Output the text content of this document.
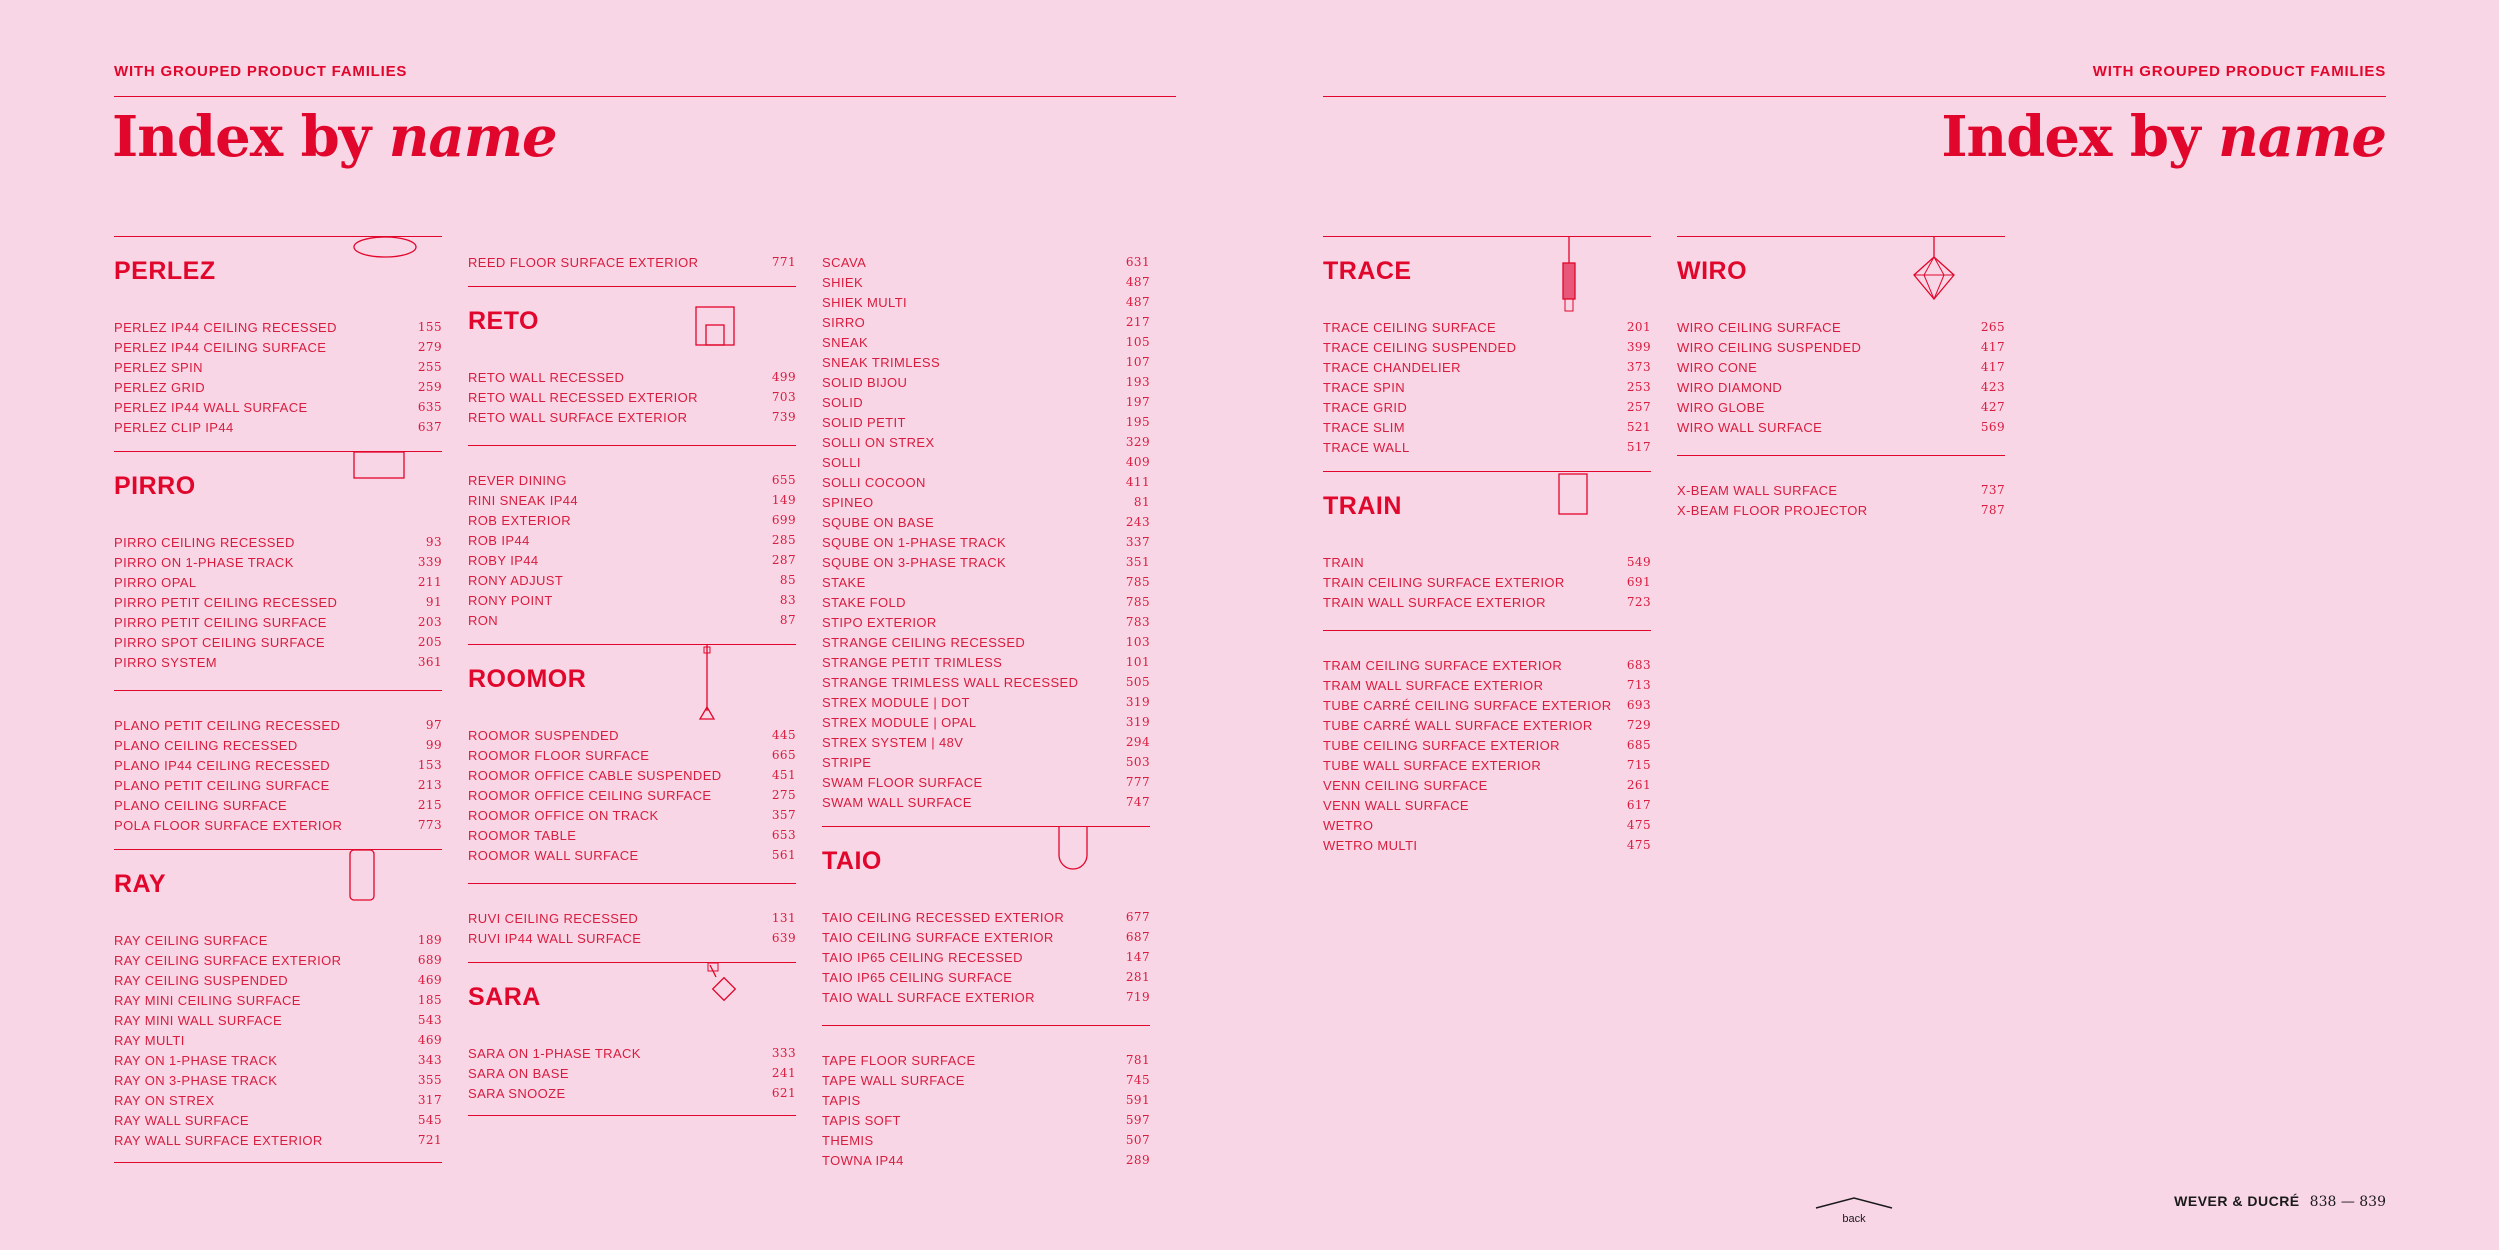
WITH GROUPED PRODUCT FAMILIES
Index by name
WITH GROUPED PRODUCT FAMILIES
Index by name
PERLEZ
PERLEZ IP44 CEILING RECESSED	155
PERLEZ IP44 CEILING SURFACE	279
PERLEZ SPIN	255
PERLEZ GRID	259
PERLEZ IP44 WALL SURFACE	635
PERLEZ CLIP IP44	637
PIRRO
PIRRO CEILING RECESSED	93
PIRRO ON 1-PHASE TRACK	339
PIRRO OPAL	211
PIRRO PETIT CEILING RECESSED	91
PIRRO PETIT CEILING SURFACE	203
PIRRO SPOT CEILING SURFACE	205
PIRRO SYSTEM	361
PLANO PETIT CEILING RECESSED	97
PLANO CEILING RECESSED	99
PLANO IP44 CEILING RECESSED	153
PLANO PETIT CEILING SURFACE	213
PLANO CEILING SURFACE	215
POLA FLOOR SURFACE EXTERIOR	773
RAY
RAY CEILING SURFACE	189
RAY CEILING SURFACE EXTERIOR	689
RAY CEILING SUSPENDED	469
RAY MINI CEILING SURFACE	185
RAY MINI WALL SURFACE	543
RAY MULTI	469
RAY ON 1-PHASE TRACK	343
RAY ON 3-PHASE TRACK	355
RAY ON STREX	317
RAY WALL SURFACE	545
RAY WALL SURFACE EXTERIOR	721
REED FLOOR SURFACE EXTERIOR	771
RETO
RETO WALL RECESSED	499
RETO WALL RECESSED EXTERIOR	703
RETO WALL SURFACE EXTERIOR	739
REVER DINING	655
RINI SNEAK IP44	149
ROB EXTERIOR	699
ROB IP44	285
ROBY IP44	287
RONY ADJUST	85
RONY POINT	83
RON	87
ROOMOR
ROOMOR SUSPENDED	445
ROOMOR FLOOR SURFACE	665
ROOMOR OFFICE CABLE SUSPENDED	451
ROOMOR OFFICE CEILING SURFACE	275
ROOMOR OFFICE ON TRACK	357
ROOMOR TABLE	653
ROOMOR WALL SURFACE	561
RUVI CEILING RECESSED	131
RUVI IP44 WALL SURFACE	639
SARA
SARA ON 1-PHASE TRACK	333
SARA ON BASE	241
SARA SNOOZE	621
SCAVA	631
SHIEK	487
SHIEK MULTI	487
SIRRO	217
SNEAK	105
SNEAK TRIMLESS	107
SOLID BIJOU	193
SOLID	197
SOLID PETIT	195
SOLLI ON STREX	329
SOLLI	409
SOLLI COCOON	411
SPINEO	81
SQUBE ON BASE	243
SQUBE ON 1-PHASE TRACK	337
SQUBE ON 3-PHASE TRACK	351
STAKE	785
STAKE FOLD	785
STIPO EXTERIOR	783
STRANGE CEILING RECESSED	103
STRANGE PETIT TRIMLESS	101
STRANGE TRIMLESS WALL RECESSED	505
STREX MODULE | DOT	319
STREX MODULE | OPAL	319
STREX SYSTEM | 48V	294
STRIPE	503
SWAM FLOOR SURFACE	777
SWAM WALL SURFACE	747
TAIO
TAIO CEILING RECESSED EXTERIOR	677
TAIO CEILING SURFACE EXTERIOR	687
TAIO IP65 CEILING RECESSED	147
TAIO IP65 CEILING SURFACE	281
TAIO WALL SURFACE EXTERIOR	719
TAPE FLOOR SURFACE	781
TAPE WALL SURFACE	745
TAPIS	591
TAPIS SOFT	597
THEMIS	507
TOWNA IP44	289
TRACE
TRACE CEILING SURFACE	201
TRACE CEILING SUSPENDED	399
TRACE CHANDELIER	373
TRACE SPIN	253
TRACE GRID	257
TRACE SLIM	521
TRACE WALL	517
TRAIN
TRAIN	549
TRAIN CEILING SURFACE EXTERIOR	691
TRAIN WALL SURFACE EXTERIOR	723
TRAM CEILING SURFACE EXTERIOR	683
TRAM WALL SURFACE EXTERIOR	713
TUBE CARRÉ CEILING SURFACE EXTERIOR 693
TUBE CARRÉ WALL SURFACE EXTERIOR	729
TUBE CEILING SURFACE EXTERIOR	685
TUBE WALL SURFACE EXTERIOR	715
VENN CEILING SURFACE	261
VENN WALL SURFACE	617
WETRO	475
WETRO MULTI	475
WIRO
WIRO CEILING SURFACE	265
WIRO CEILING SUSPENDED	417
WIRO CONE	417
WIRO DIAMOND	423
WIRO GLOBE	427
WIRO WALL SURFACE	569
X-BEAM WALL SURFACE	737
X-BEAM FLOOR PROJECTOR	787
back
WEVER & DUCRÉ 838 — 839
